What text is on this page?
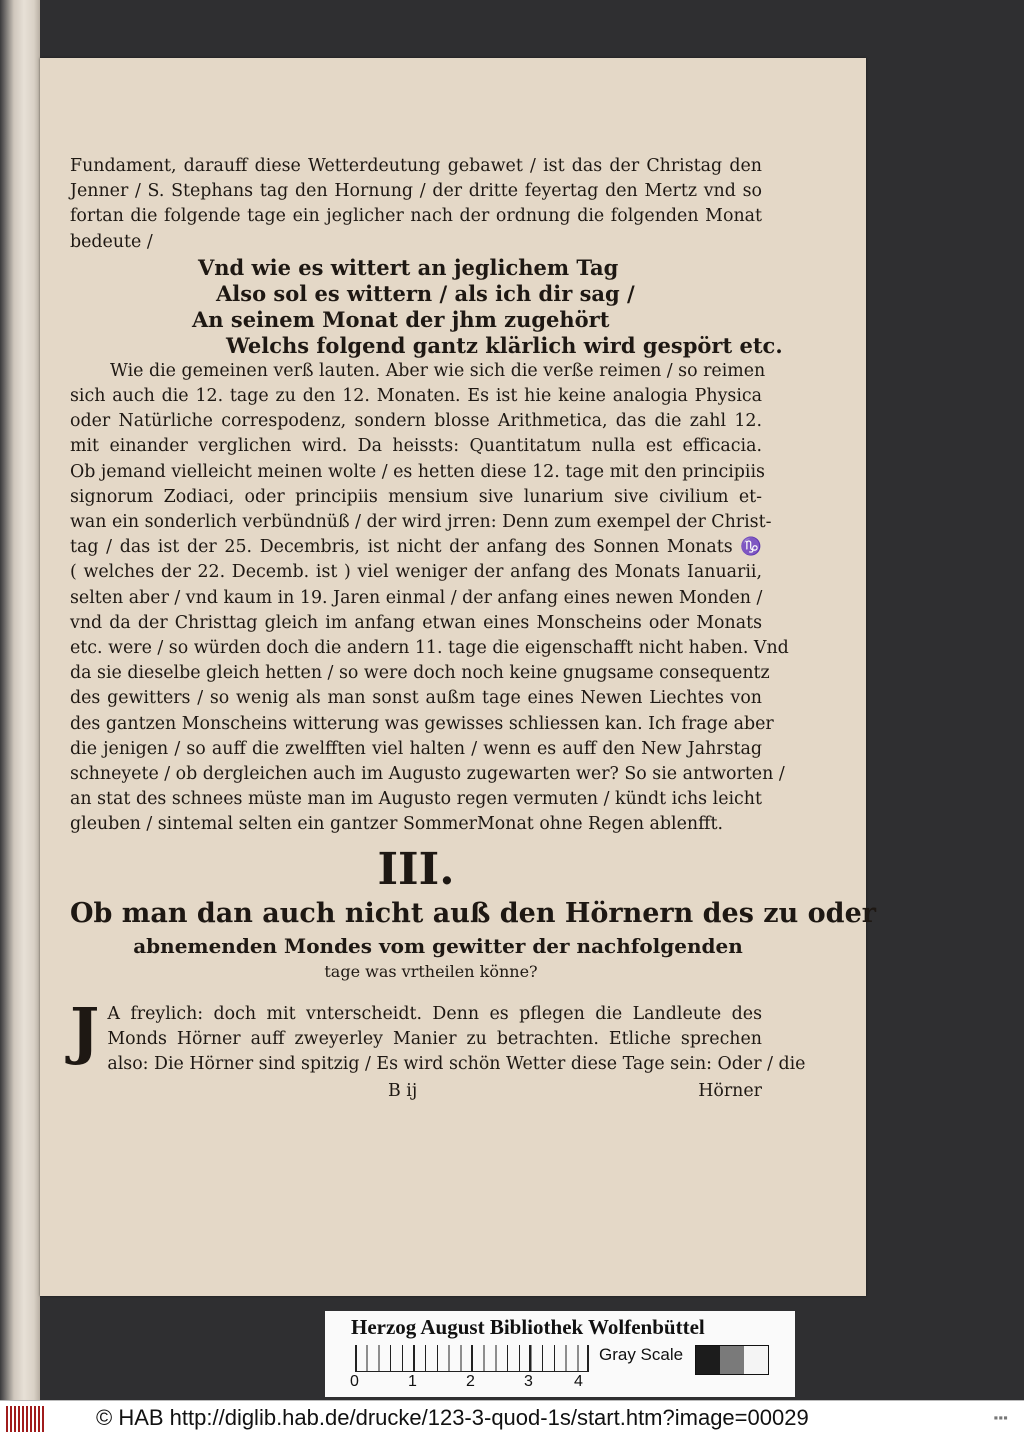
Fundament, darauff diese Wetterdeutung gebawet / ist das der Christag den
Jenner / S. Stephans tag den Hornung / der dritte feyertag den Mertz vnd so
fortan die folgende tage ein jeglicher nach der ordnung die folgenden Monat
bedeute /
Vnd wie es wittert an jeglichem Tag
Also sol es wittern / als ich dir sag /
An seinem Monat der jhm zugehört
Welchs folgend gantz klärlich wird gespört etc.
Wie die gemeinen verß lauten. Aber wie sich die verße reimen / so reimen
sich auch die 12. tage zu den 12. Monaten. Es ist hie keine analogia Physica
oder Natürliche correspodenz, sondern blosse Arithmetica, das die zahl 12.
mit einander verglichen wird. Da heissts: Quantitatum nulla est efficacia.
Ob jemand vielleicht meinen wolte / es hetten diese 12. tage mit den principiis
signorum Zodiaci, oder principiis mensium sive lunarium sive civilium et-
wan ein sonderlich verbündnüß / der wird jrren: Denn zum exempel der Christ-
tag / das ist der 25. Decembris, ist nicht der anfang des Sonnen Monats ♑
( welches der 22. Decemb. ist ) viel weniger der anfang des Monats Ianuarii,
selten aber / vnd kaum in 19. Jaren einmal / der anfang eines newen Monden /
vnd da der Christtag gleich im anfang etwan eines Monscheins oder Monats
etc. were / so würden doch die andern 11. tage die eigenschafft nicht haben. Vnd
da sie dieselbe gleich hetten / so were doch noch keine gnugsame consequentz
des gewitters / so wenig als man sonst außm tage eines Newen Liechtes von
des gantzen Monscheins witterung was gewisses schliessen kan. Ich frage aber
die jenigen / so auff die zwelfften viel halten / wenn es auff den New Jahrstag
schneyete / ob dergleichen auch im Augusto zugewarten wer? So sie antworten /
an stat des schnees müste man im Augusto regen vermuten / kündt ichs leicht
gleuben / sintemal selten ein gantzer SommerMonat ohne Regen ablenfft.
III.
Ob man dan auch nicht auß den Hörnern des zu oder
abnemenden Mondes vom gewitter der nachfolgenden
tage was vrtheilen könne?
J A freylich: doch mit vnterscheidt. Denn es pflegen die Landleute des
Monds Hörner auff zweyerley Manier zu betrachten. Etliche sprechen
also: Die Hörner sind spitzig / Es wird schön Wetter diese Tage sein: Oder / die
B ij	Hörner
Herzog August Bibliothek Wolfenbüttel
0	1	2	3	4
Gray Scale
© HAB http://diglib.hab.de/drucke/123-3-quod-1s/start.htm?image=00029	▪▪▪
